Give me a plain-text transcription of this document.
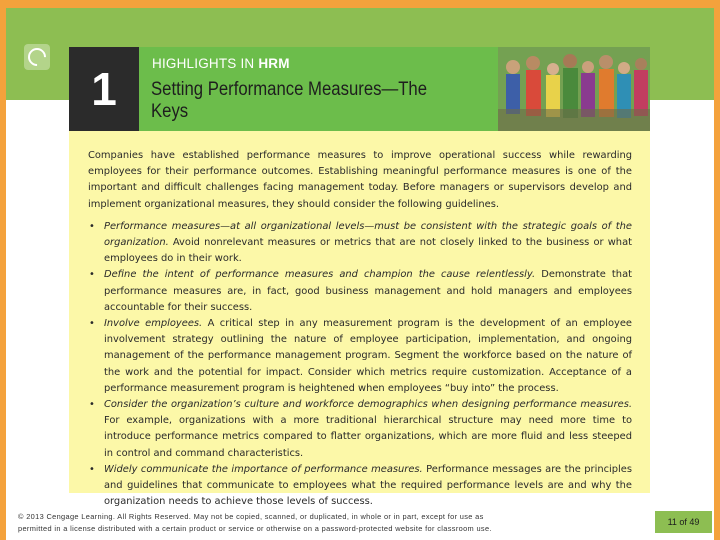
1	HIGHLIGHTS IN HRM
Setting Performance Measures—The Keys

Companies have established performance measures to improve operational success while rewarding employees for their performance outcomes. Establishing meaningful performance measures is one of the important and difficult challenges facing management today. Before managers or supervisors develop and implement organizational measures, they should consider the following guidelines.

• Performance measures—at all organizational levels—must be consistent with the strategic goals of the organization. Avoid nonrelevant measures or metrics that are not closely linked to the business or what employees do in their work.
• Define the intent of performance measures and champion the cause relentlessly. Demonstrate that performance measures are, in fact, good business management and hold managers and employees accountable for their success.
• Involve employees. A critical step in any measurement program is the development of an employee involvement strategy outlining the nature of employee participation, implementation, and ongoing management of the performance management program. Segment the workforce based on the nature of the work and the potential for impact. Consider which metrics require customization. Acceptance of a performance measurement program is heightened when employees “buy into” the process.
• Consider the organization’s culture and workforce demographics when designing performance measures. For example, organizations with a more traditional hierarchical structure may need more time to introduce performance metrics compared to flatter organizations, which are more fluid and less steeped in control and command characteristics.
• Widely communicate the importance of performance measures. Performance messages are the principles and guidelines that communicate to employees what the required performance levels are and why the organization needs to achieve those levels of success.
© 2013 Cengage Learning. All Rights Reserved. May not be copied, scanned, or duplicated, in whole or in part, except for use as
permitted in a license distributed with a certain product or service or otherwise on a password-protected website for classroom use.
11 of 49
